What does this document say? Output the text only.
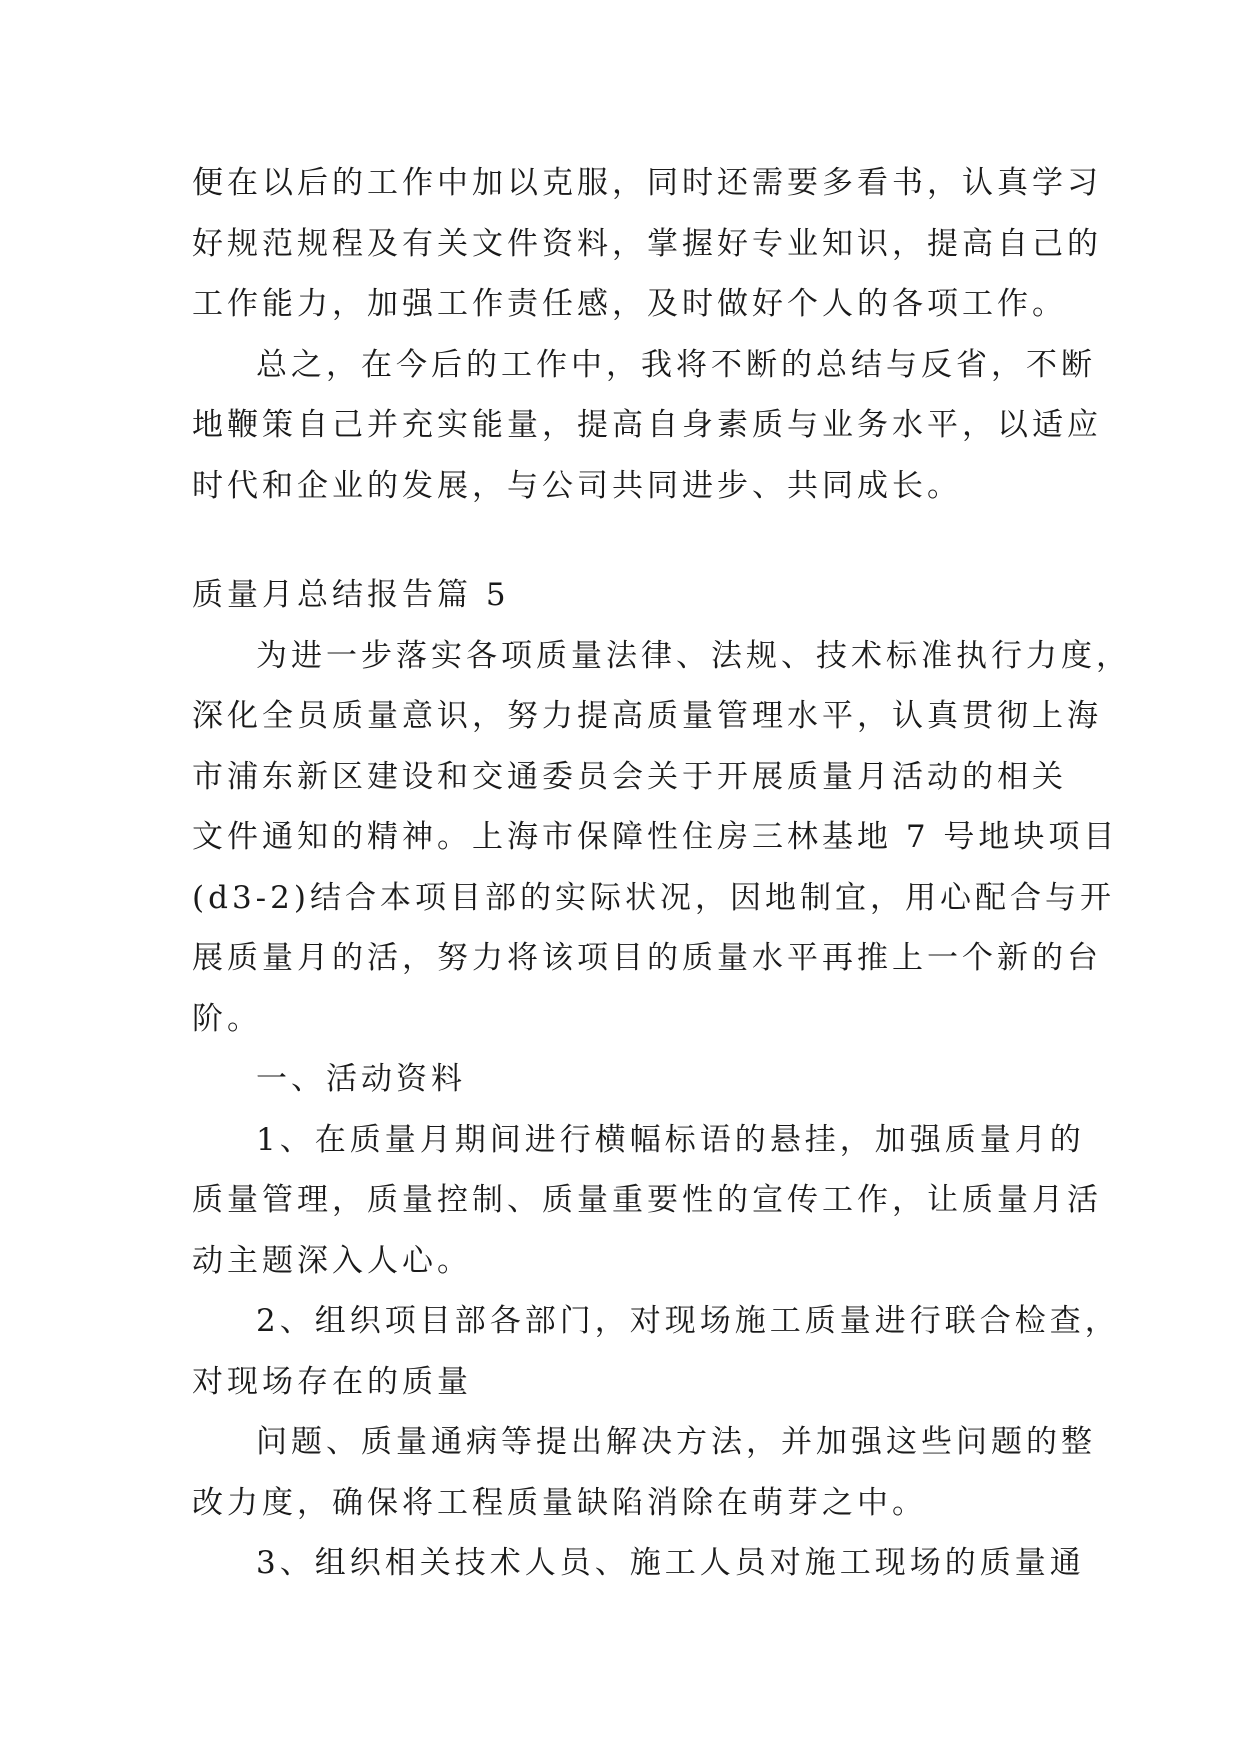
便在以后的工作中加以克服，同时还需要多看书，认真学习
好规范规程及有关文件资料，掌握好专业知识，提高自己的
工作能力，加强工作责任感，及时做好个人的各项工作。
总之，在今后的工作中，我将不断的总结与反省，不断
地鞭策自己并充实能量，提高自身素质与业务水平，以适应
时代和企业的发展，与公司共同进步、共同成长。
质量月总结报告篇 5
为进一步落实各项质量法律、法规、技术标准执行力度，
深化全员质量意识，努力提高质量管理水平，认真贯彻上海
市浦东新区建设和交通委员会关于开展质量月活动的相关
文件通知的精神。上海市保障性住房三林基地 7 号地块项目
(d3-2)结合本项目部的实际状况，因地制宜，用心配合与开
展质量月的活，努力将该项目的质量水平再推上一个新的台
阶。
一、活动资料
1、在质量月期间进行横幅标语的悬挂，加强质量月的
质量管理，质量控制、质量重要性的宣传工作，让质量月活
动主题深入人心。
2、组织项目部各部门，对现场施工质量进行联合检查，
对现场存在的质量
问题、质量通病等提出解决方法，并加强这些问题的整
改力度，确保将工程质量缺陷消除在萌芽之中。
3、组织相关技术人员、施工人员对施工现场的质量通
